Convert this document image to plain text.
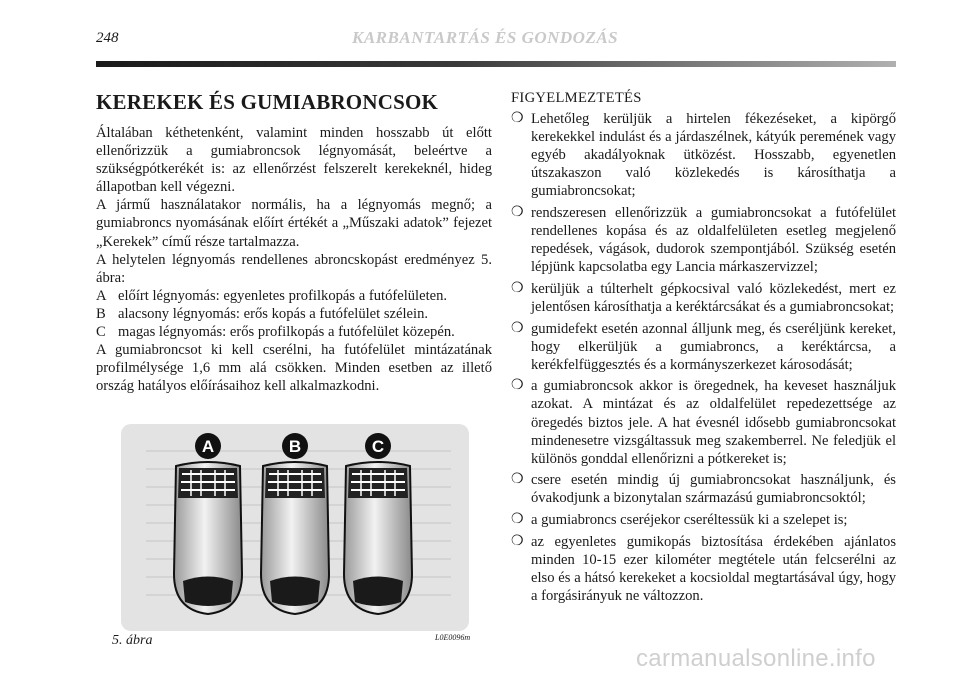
248	KARBANTARTÁS ÉS GONDOZÁS
KEREKEK ÉS GUMIABRONCSOK

Általában kéthetenként, valamint minden hosszabb út előtt ellenőrizzük a gumiabroncsok légnyomását, beleértve a szükségpótkerékét is: az ellenőrzést felszerelt kerekeknél, hideg állapotban kell végezni.

A jármű használatakor normális, ha a légnyomás megnő; a gumiabroncs nyomásának előírt értékét a „Műszaki adatok” fejezet „Kerekek” című része tartalmazza.

A helytelen légnyomás rendellenes abroncskopást eredményez 5. ábra:

A előírt légnyomás: egyenletes profilkopás a futófelületen.
B alacsony légnyomás: erős kopás a futófelület szélein.
C magas légnyomás: erős profilkopás a futófelület közepén.

A gumiabroncsot ki kell cserélni, ha futófelület mintázatának profilmélysége 1,6 mm alá csökken. Minden esetben az illető ország hatályos előírásaihoz kell alkalmazkodni.

A	B	C
5. ábra	L0E0096m
FIGYELMEZTETÉS
❍ Lehetőleg kerüljük a hirtelen fékezéseket, a kipörgő kerekekkel indulást és a járdaszélnek, kátyúk peremének vagy egyéb akadályoknak ütközést. Hosszabb, egyenetlen útszakaszon való közlekedés is károsíthatja a gumiabroncsokat;
❍ rendszeresen ellenőrizzük a gumiabroncsokat a futófelület rendellenes kopása és az oldalfelületen esetleg megjelenő repedések, vágások, dudorok szempontjából. Szükség esetén lépjünk kapcsolatba egy Lancia márkaszervizzel;
❍ kerüljük a túlterhelt gépkocsival való közlekedést, mert ez jelentősen károsíthatja a keréktárcsákat és a gumiabroncsokat;
❍ gumidefekt esetén azonnal álljunk meg, és cseréljünk kereket, hogy elkerüljük a gumiabroncs, a keréktárcsa, a kerékfelfüggesztés és a kormányszerkezet károsodását;
❍ a gumiabroncsok akkor is öregednek, ha keveset használjuk azokat. A mintázat és az oldalfelület repedezettsége az öregedés biztos jele. A hat évesnél idősebb gumiabroncsokat mindenesetre vizsgáltassuk meg szakemberrel. Ne feledjük el különös gonddal ellenőrizni a pótkereket is;
❍ csere esetén mindig új gumiabroncsokat használjunk, és óvakodjunk a bizonytalan származású gumiabroncsoktól;
❍ a gumiabroncs cseréjekor cseréltessük ki a szelepet is;
❍ az egyenletes gumikopás biztosítása érdekében ajánlatos minden 10-15 ezer kilométer megtétele után felcserélni az elso és a hátsó kerekeket a kocsioldal megtartásával úgy, hogy a forgásirányuk ne változzon.
carmanualsonline.info
